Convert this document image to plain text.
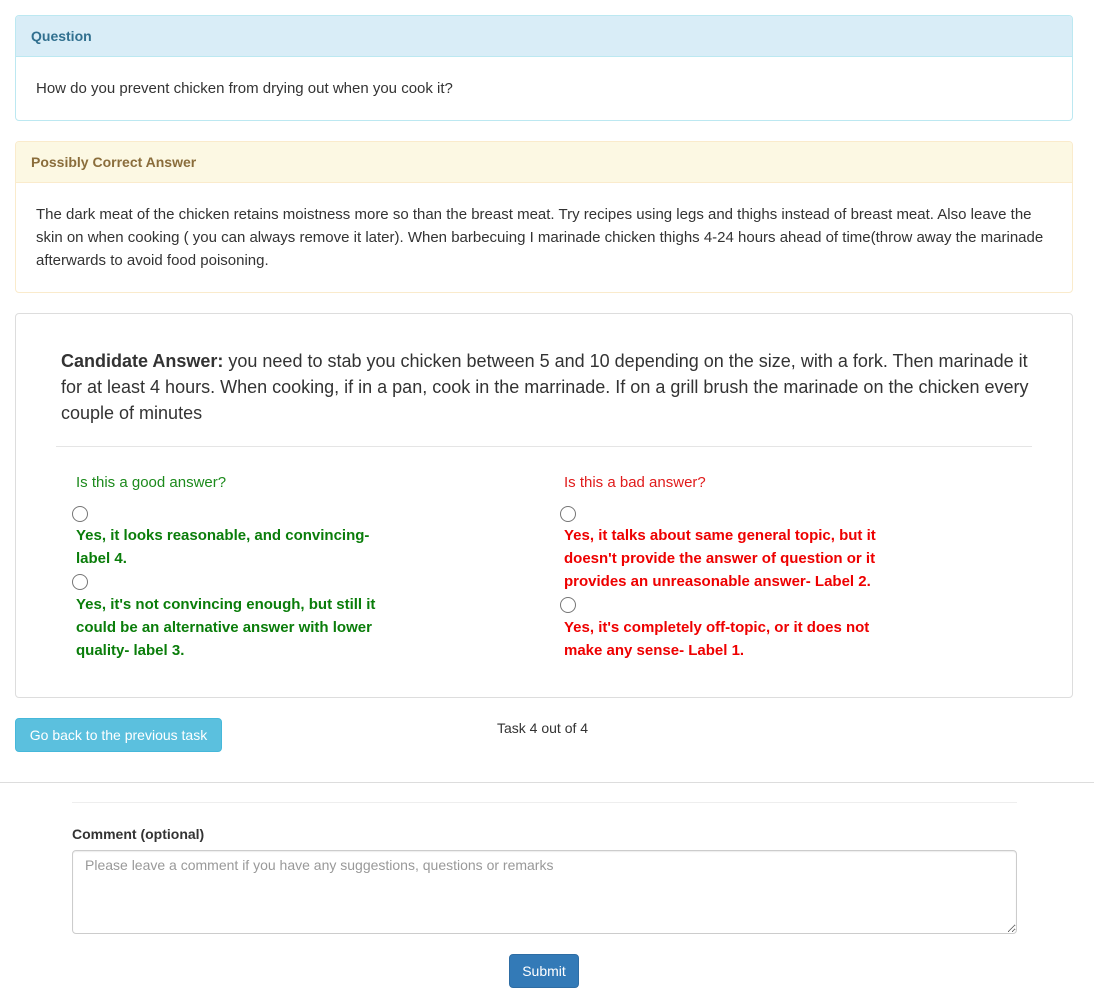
Question
How do you prevent chicken from drying out when you cook it?
Possibly Correct Answer
The dark meat of the chicken retains moistness more so than the breast meat. Try recipes using legs and thighs instead of breast meat. Also leave the skin on when cooking ( you can always remove it later). When barbecuing I marinade chicken thighs 4-24 hours ahead of time(throw away the marinade afterwards to avoid food poisoning.
Candidate Answer: you need to stab you chicken between 5 and 10 depending on the size, with a fork. Then marinade it for at least 4 hours. When cooking, if in a pan, cook in the marrinade. If on a grill brush the marinade on the chicken every couple of minutes
Is this a good answer?
Yes, it looks reasonable, and convincing- label 4.
Yes, it's not convincing enough, but still it could be an alternative answer with lower quality- label 3.
Is this a bad answer?
Yes, it talks about same general topic, but it doesn't provide the answer of question or it provides an unreasonable answer- Label 2.
Yes, it's completely off-topic, or it does not make any sense- Label 1.
Go back to the previous task	Task 4 out of 4
Comment (optional)
Please leave a comment if you have any suggestions, questions or remarks
Submit
